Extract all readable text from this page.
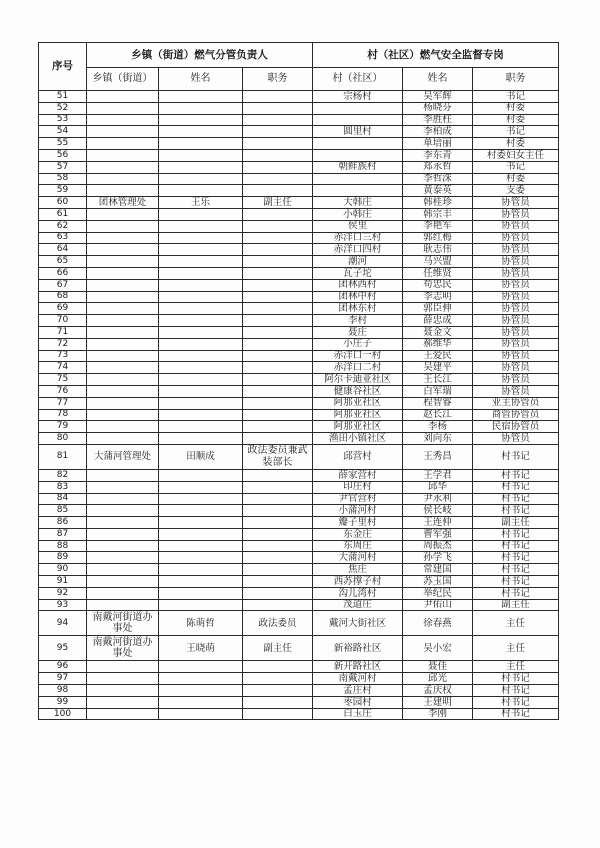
序号	乡镇（街道）燃气分管负责人			村（社区）燃气安全监督专岗		
	乡镇（街道）	姓名	职务	村（社区）	姓名	职务
51				宗杨村	吴军辉	书记
52					杨晓芬	村委
53					李胜柱	村委
54				圆里村	李柏成	书记
55					单培丽	村委
56					李东青	村委妇女主任
57				朝鲜族村	郑永哲	书记
58					李哲洙	村委
59					黄泰英	支委
60	团林管理处	王乐	副主任	大韩庄	韩桂珍	协管员
61				小韩庄	韩宗丰	协管员
62				侯里	李艳军	协管员
63				赤洋口三村	郭红梅	协管员
64				赤洋口四村	耿志伟	协管员
65				潮河	马兴盟	协管员
66				瓦子坨	任维贤	协管员
67				团林西村	苟忠民	协管员
68				团林中村	李志明	协管员
69				团林东村	郭臣伸	协管员
70				李村	薛忠成	协管员
71				聂庄	聂金文	协管员
72				小庄子	郝维华	协管员
73				赤洋口一村	王爱民	协管员
74				赤洋口二村	吴建平	协管员
75				阿尔卡迪亚社区	王长江	协管员
76				健康谷社区	白军瑞	协管员
77				阿那亚社区	程智睿	业主协管员
78				阿那亚社区	赵长江	商管协管员
79				阿那亚社区	李杨	民宿协管员
80				渔田小镇社区	刘向东	协管员
81	大蒲河管理处	田顺成	政法委员兼武装部长	邱营村	王秀昌	村书记
82				薛家营村	王学君	村书记
83				印庄村	邱华	村书记
84				尹官营村	尹永利	村书记
85				小蒲河村	侯长岐	村书记
86				瓣子里村	王连仲	副主任
87				东金庄	曹军强	村书记
88				东周庄	周振杰	村书记
89				大蒲河村	孙学飞	村书记
90				焦庄	常建国	村书记
91				西苏撑子村	苏玉国	村书记
92				沟儿湾村	举纪民	村书记
93				茂道庄	尹佑山	副主任
94	南戴河街道办事处	陈萌哲	政法委员	戴河大街社区	徐春燕	主任
95	南戴河街道办事处	王晓萌	副主任	新裕路社区	吴小宏	主任
96				新开路社区	聂佳	主任
97				南戴河村	邱光	村书记
98				孟庄村	孟庆权	村书记
99				枣园村	王建明	村书记
100				白玉庄	李刚	村书记
